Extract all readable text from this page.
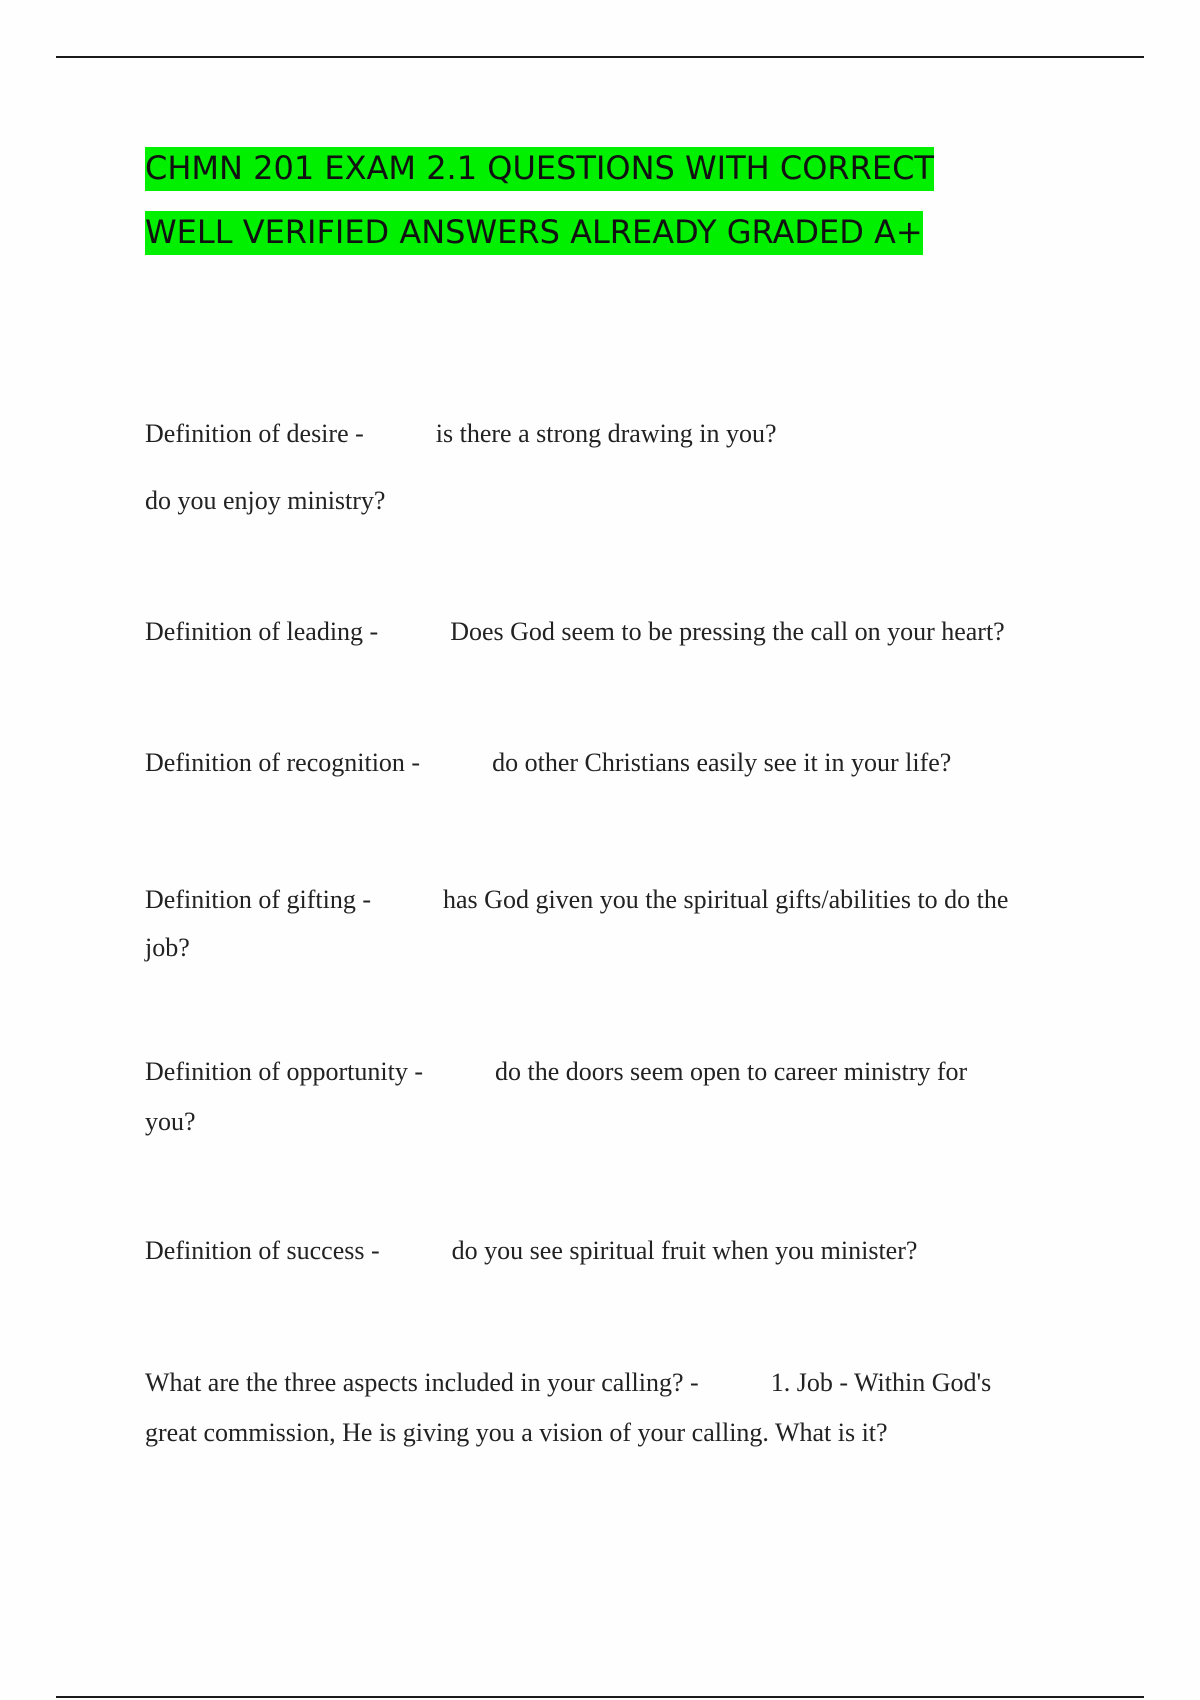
CHMN 201 EXAM 2.1 QUESTIONS WITH CORRECT
WELL VERIFIED ANSWERS ALREADY GRADED A+
Definition of desire -	is there a strong drawing in you?
do you enjoy ministry?
Definition of leading -	Does God seem to be pressing the call on your heart?
Definition of recognition -	do other Christians easily see it in your life?
Definition of gifting -	has God given you the spiritual gifts/abilities to do the
job?
Definition of opportunity -	do the doors seem open to career ministry for
you?
Definition of success -	do you see spiritual fruit when you minister?
What are the three aspects included in your calling? -	1. Job - Within God's
great commission, He is giving you a vision of your calling. What is it?
